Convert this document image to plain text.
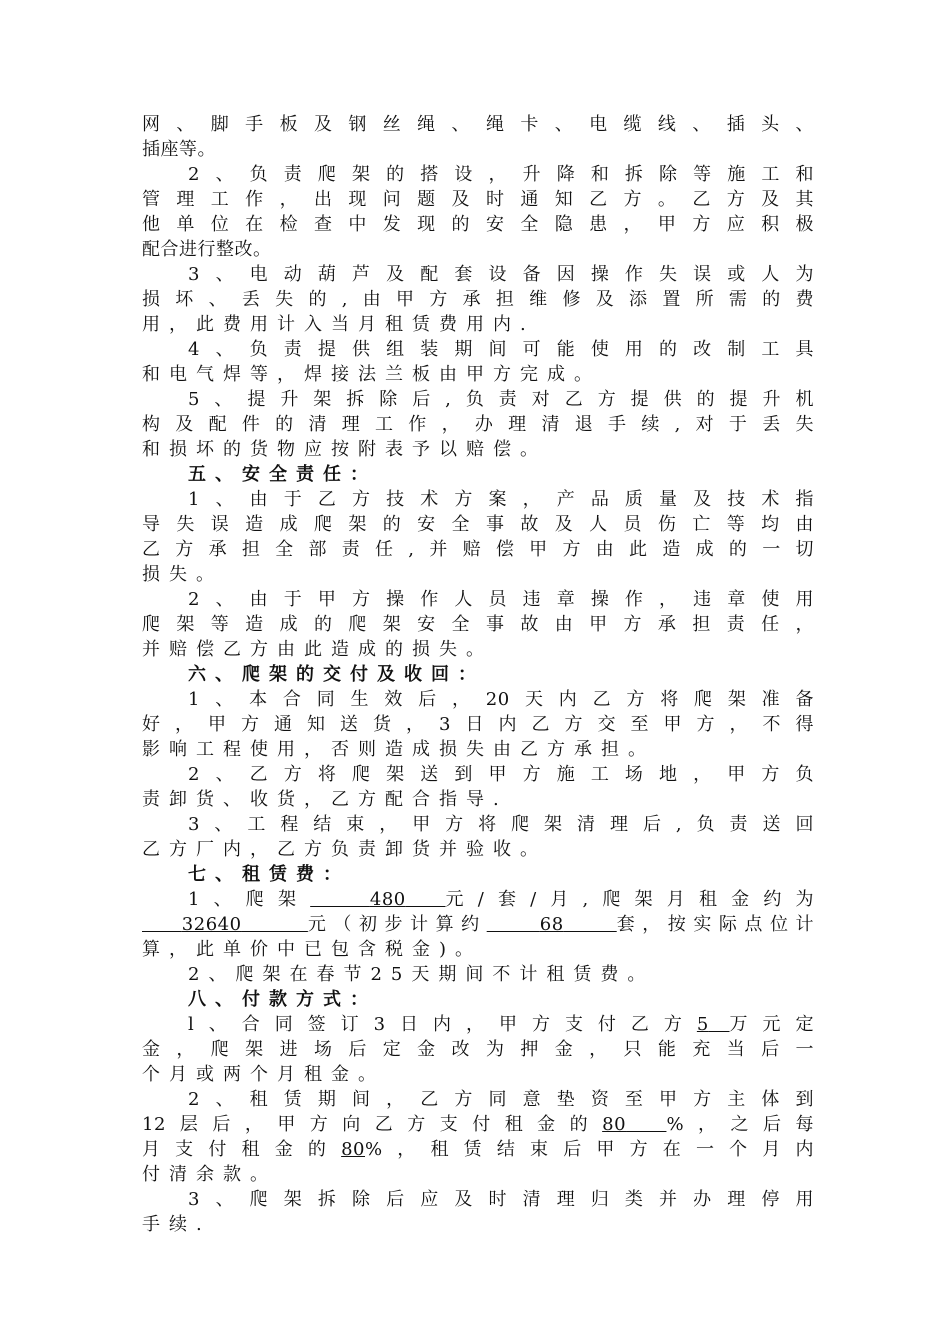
网、脚手板及钢丝绳、绳卡、电缆线、插头、
插座等。
2、负责爬架的搭设，升降和拆除等施工和
管理工作，出现问题及时通知乙方。乙方及其
他单位在检查中发现的安全隐患，甲方应积极
配合进行整改。
3、电动葫芦及配套设备因操作失误或人为
损坏、丢失的,由甲方承担维修及添置所需的费
用，此费用计入当月租赁费用内.
4、负责提供组装期间可能使用的改制工具
和电气焊等，焊接法兰板由甲方完成。
5、提升架拆除后,负责对乙方提供的提升机
构及配件的清理工作，办理清退手续,对于丢失
和损坏的货物应按附表予以赔偿。
五、安全责任：
1、由于乙方技术方案，产品质量及技术指
导失误造成爬架的安全事故及人员伤亡等均由
乙方承担全部责任,并赔偿甲方由此造成的一切
损失。
2、由于甲方操作人员违章操作，违章使用
爬架等造成的爬架安全事故由甲方承担责任，
并赔偿乙方由此造成的损失。
六、爬架的交付及收回：
1、本合同生效后，20天内乙方将爬架准备
好，甲方通知送货，3日内乙方交至甲方，不得
影响工程使用，否则造成损失由乙方承担。
2、乙方将爬架送到甲方施工场地，甲方负
责卸货、收货，乙方配合指导.
3、工程结束，甲方将爬架清理后,负责送回
乙方厂内，乙方负责卸货并验收。
七、租赁费：
1、爬架	480 元/套/月,爬架月租金约为
32640	元（初步计算约	68	套，按实际点位计
算，此单价中已包含税金)。
2、爬架在春节25天期间不计租赁费。
八、付款方式：
l、合同签订3日内，甲方支付乙方5 万元定
金，爬架进场后定金改为押金，只能充当后一
个月或两个月租金。
2、租赁期间，乙方同意垫资至甲方主体到
12层后，甲方向乙方支付租金的80 %，之后每
月支付租金的80%，租赁结束后甲方在一个月内
付清余款。
3、爬架拆除后应及时清理归类并办理停用
手续.
